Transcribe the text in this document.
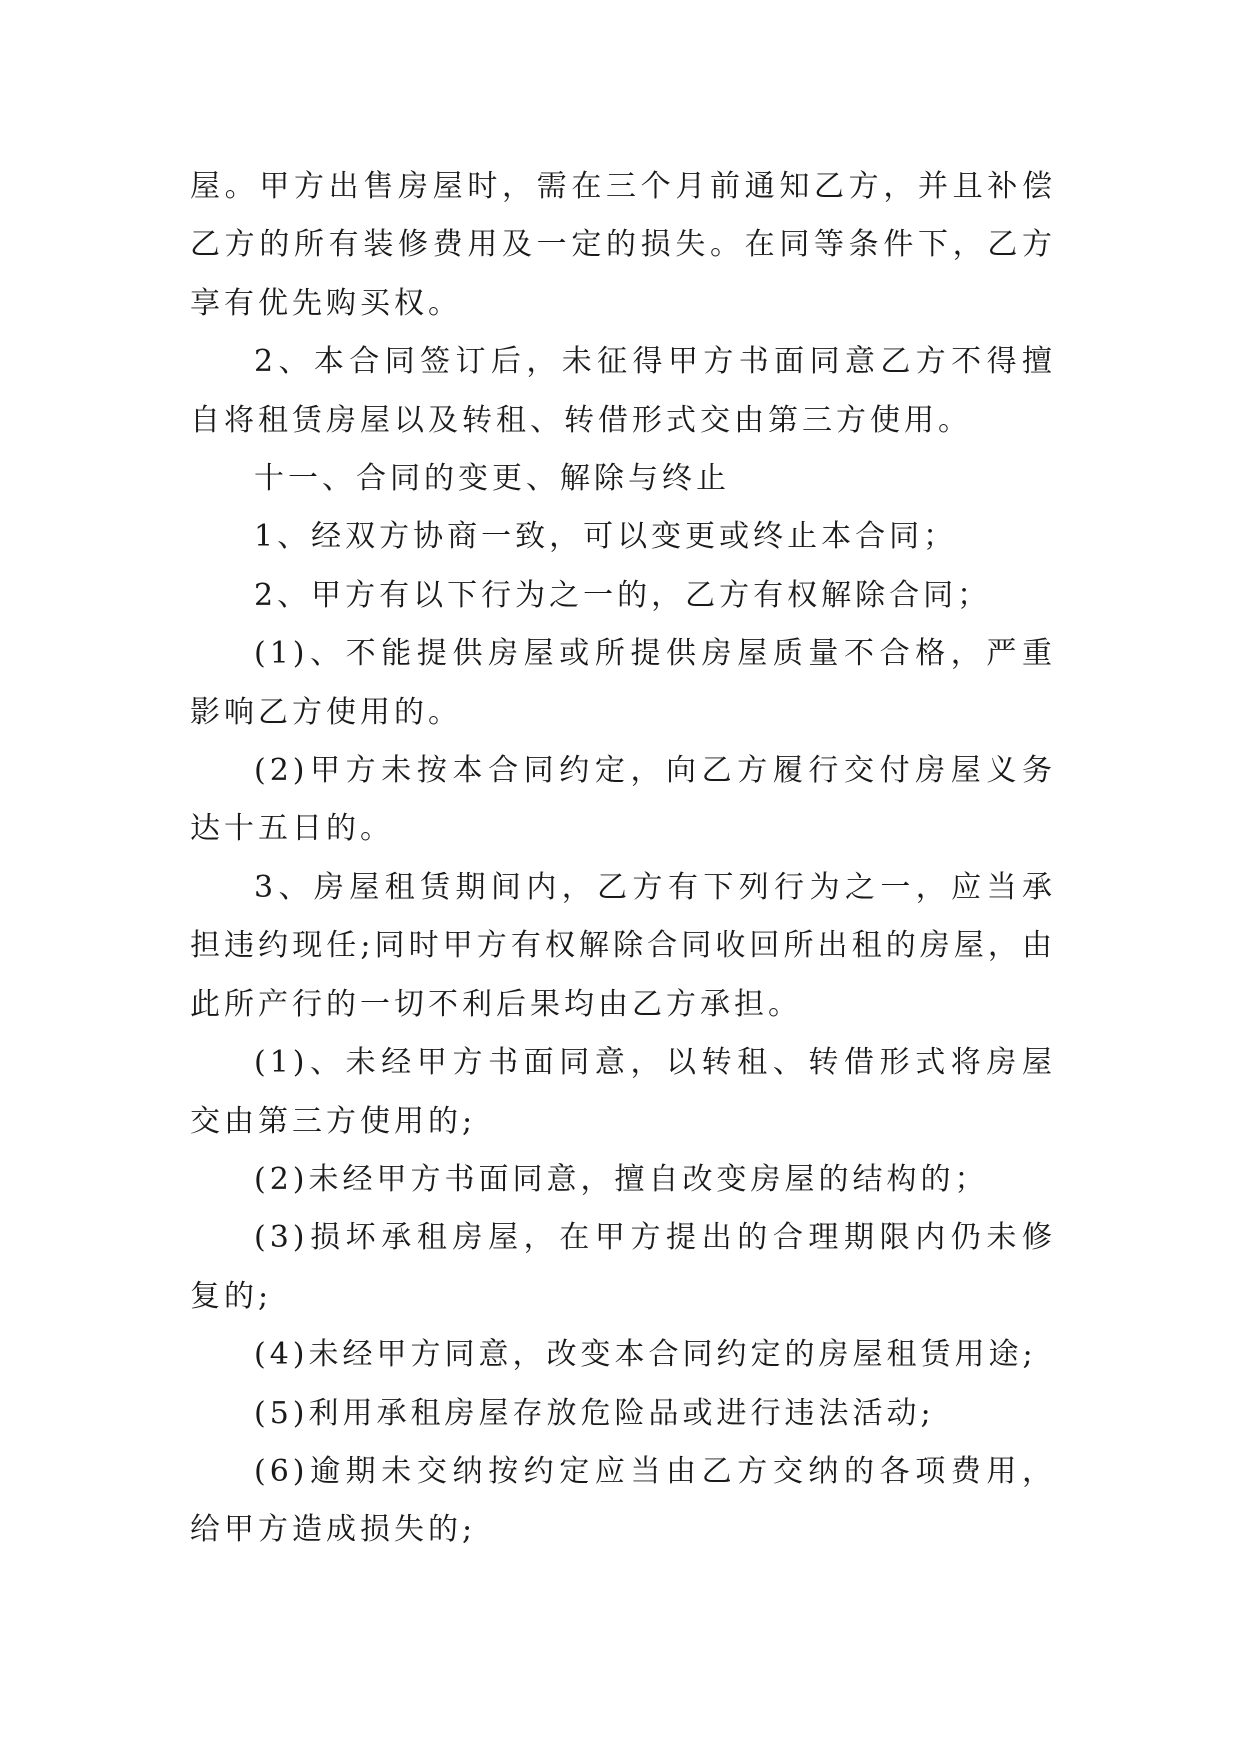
屋。甲方出售房屋时，需在三个月前通知乙方，并且补偿乙方的所有装修费用及一定的损失。在同等条件下，乙方享有优先购买权。

2、本合同签订后，未征得甲方书面同意乙方不得擅自将租赁房屋以及转租、转借形式交由第三方使用。

十一、合同的变更、解除与终止

1、经双方协商一致，可以变更或终止本合同；

2、甲方有以下行为之一的，乙方有权解除合同；

(1)、不能提供房屋或所提供房屋质量不合格，严重影响乙方使用的。

(2)甲方未按本合同约定，向乙方履行交付房屋义务达十五日的。

3、房屋租赁期间内，乙方有下列行为之一，应当承担违约现任;同时甲方有权解除合同收回所出租的房屋，由此所产行的一切不利后果均由乙方承担。

(1)、未经甲方书面同意，以转租、转借形式将房屋交由第三方使用的;

(2)未经甲方书面同意，擅自改变房屋的结构的；

(3)损坏承租房屋，在甲方提出的合理期限内仍未修复的;

(4)未经甲方同意，改变本合同约定的房屋租赁用途;

(5)利用承租房屋存放危险品或进行违法活动;

(6)逾期未交纳按约定应当由乙方交纳的各项费用，给甲方造成损失的;
